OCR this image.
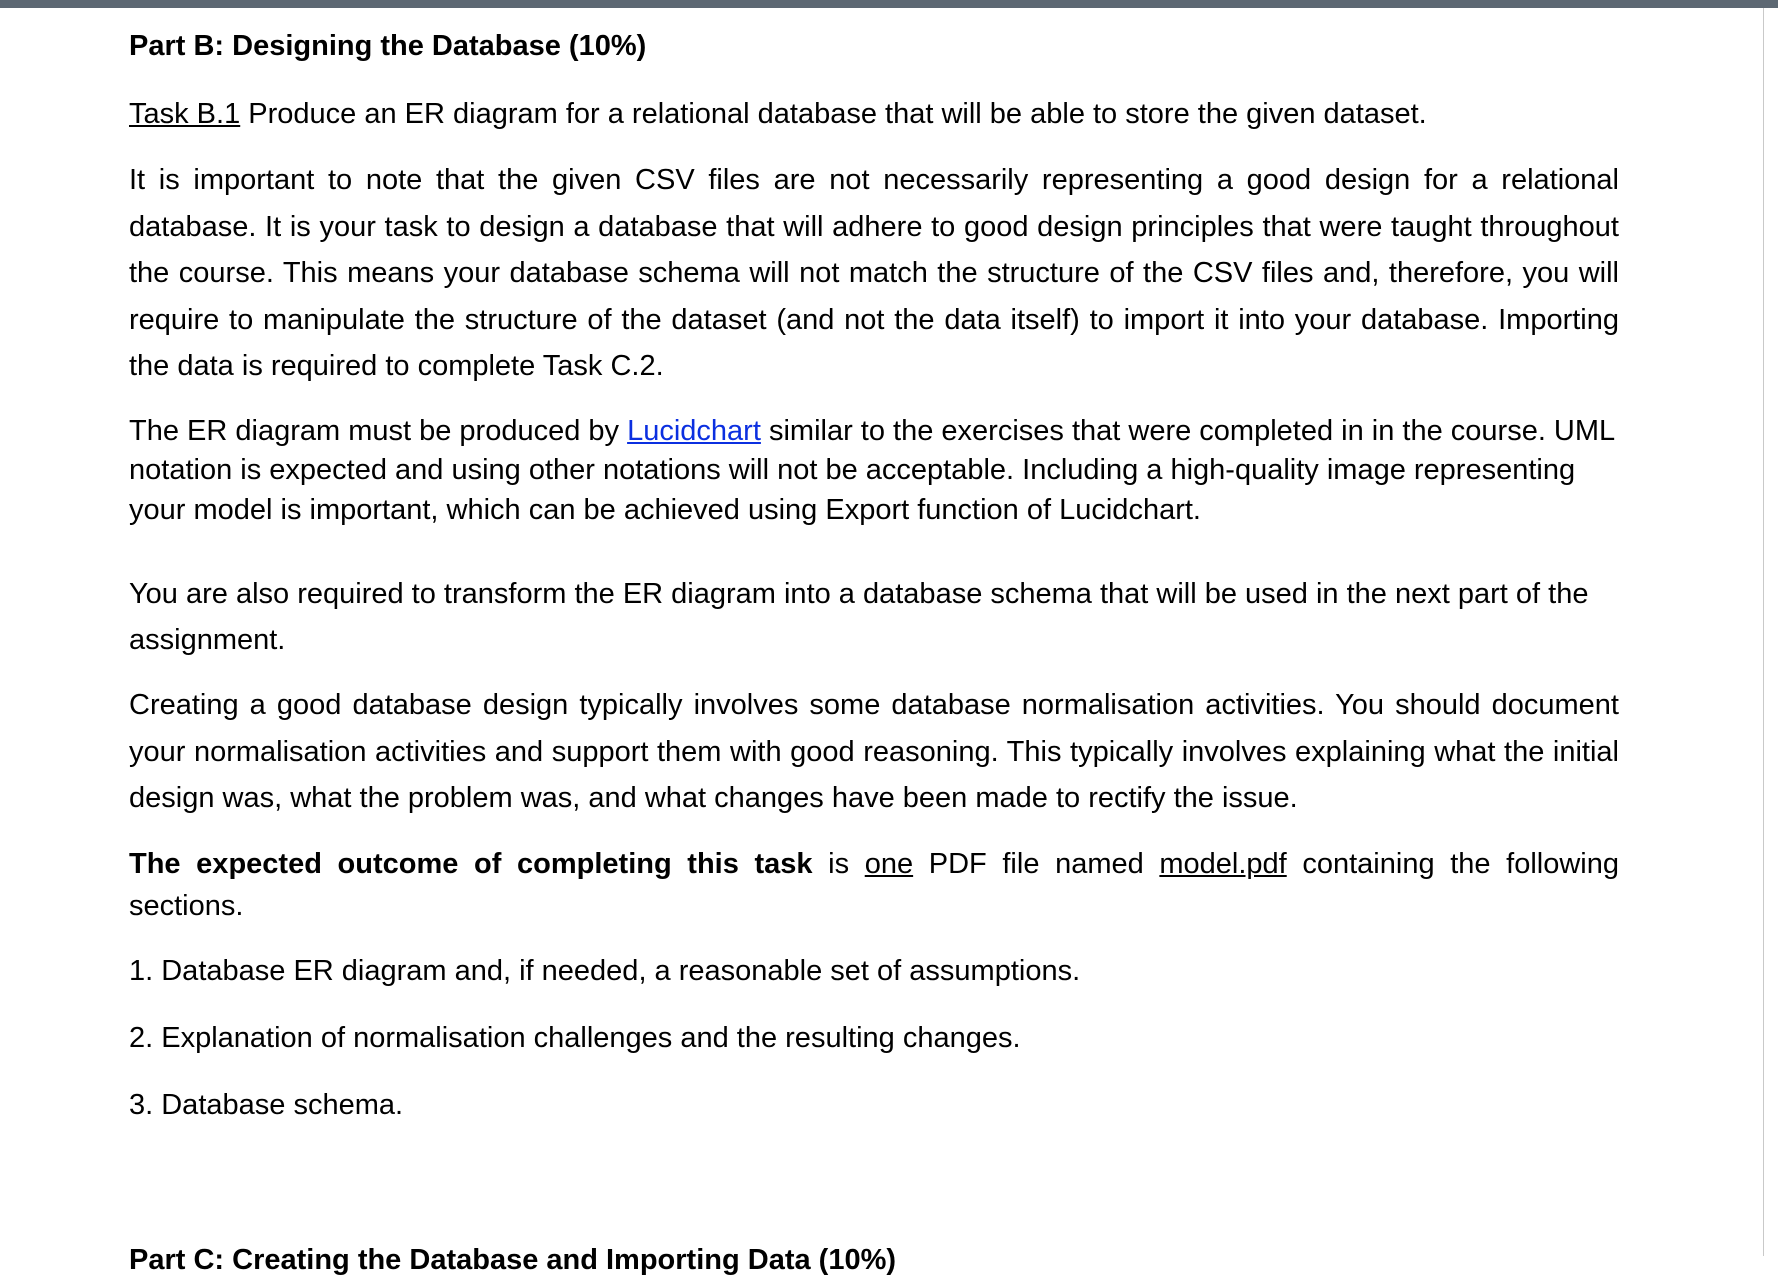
Part B: Designing the Database (10%)

Task B.1 Produce an ER diagram for a relational database that will be able to store the given dataset.

It is important to note that the given CSV files are not necessarily representing a good design for a relational database. It is your task to design a database that will adhere to good design principles that were taught throughout the course. This means your database schema will not match the structure of the CSV files and, therefore, you will require to manipulate the structure of the dataset (and not the data itself) to import it into your database. Importing the data is required to complete Task C.2.

The ER diagram must be produced by Lucidchart similar to the exercises that were completed in in the course. UML notation is expected and using other notations will not be acceptable. Including a high-quality image representing your model is important, which can be achieved using Export function of Lucidchart.

You are also required to transform the ER diagram into a database schema that will be used in the next part of the assignment.

Creating a good database design typically involves some database normalisation activities. You should document your normalisation activities and support them with good reasoning. This typically involves explaining what the initial design was, what the problem was, and what changes have been made to rectify the issue.

The expected outcome of completing this task is one PDF file named model.pdf containing the following sections.

1. Database ER diagram and, if needed, a reasonable set of assumptions.

2. Explanation of normalisation challenges and the resulting changes.

3. Database schema.

Part C: Creating the Database and Importing Data (10%)
